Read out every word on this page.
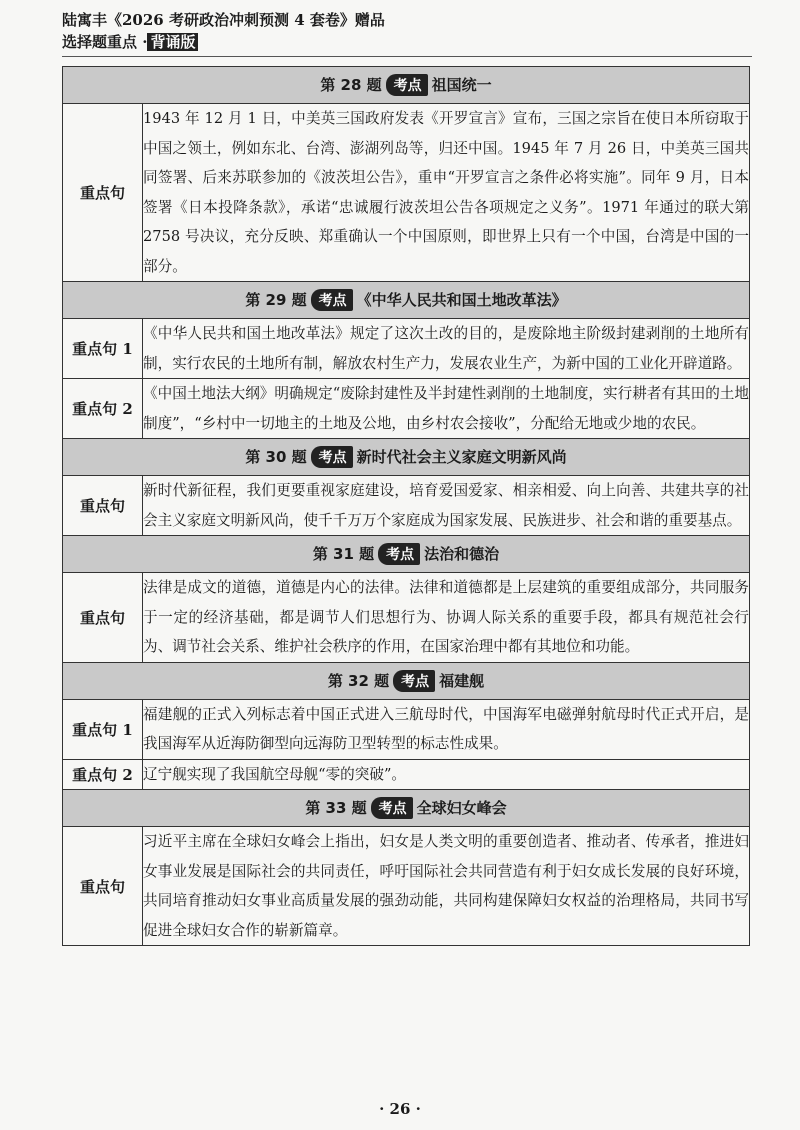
陆寓丰《2026 考研政治冲刺预测 4 套卷》赠品
选择题重点 · 背诵版
第 28 题 考点 祖国统一	
重点句	1943 年 12 月 1 日，中美英三国政府发表《开罗宣言》宣布，三国之宗旨在使日本所窃取于中国之领土，例如东北、台湾、澎湖列岛等，归还中国。1945 年 7 月 26 日，中美英三国共同签署、后来苏联参加的《波茨坦公告》，重申“开罗宣言之条件必将实施”。同年 9 月，日本签署《日本投降条款》，承诺“忠诚履行波茨坦公告各项规定之义务”。1971 年通过的联大第 2758 号决议，充分反映、郑重确认一个中国原则，即世界上只有一个中国，台湾是中国的一部分。
第 29 题 考点 《中华人民共和国土地改革法》	
重点句 1	《中华人民共和国土地改革法》规定了这次土改的目的，是废除地主阶级封建剥削的土地所有制，实行农民的土地所有制，解放农村生产力，发展农业生产，为新中国的工业化开辟道路。
重点句 2	《中国土地法大纲》明确规定“废除封建性及半封建性剥削的土地制度，实行耕者有其田的土地制度”，“乡村中一切地主的土地及公地，由乡村农会接收”，分配给无地或少地的农民。
第 30 题 考点 新时代社会主义家庭文明新风尚	
重点句	新时代新征程，我们更要重视家庭建设，培育爱国爱家、相亲相爱、向上向善、共建共享的社会主义家庭文明新风尚，使千千万万个家庭成为国家发展、民族进步、社会和谐的重要基点。
第 31 题 考点 法治和德治	
重点句	法律是成文的道德，道德是内心的法律。法律和道德都是上层建筑的重要组成部分，共同服务于一定的经济基础，都是调节人们思想行为、协调人际关系的重要手段，都具有规范社会行为、调节社会关系、维护社会秩序的作用，在国家治理中都有其地位和功能。
第 32 题 考点 福建舰	
重点句 1	福建舰的正式入列标志着中国正式进入三航母时代，中国海军电磁弹射航母时代正式开启，是我国海军从近海防御型向远海防卫型转型的标志性成果。
重点句 2	辽宁舰实现了我国航空母舰“零的突破”。
第 33 题 考点 全球妇女峰会	
重点句	习近平主席在全球妇女峰会上指出，妇女是人类文明的重要创造者、推动者、传承者，推进妇女事业发展是国际社会的共同责任，呼吁国际社会共同营造有利于妇女成长发展的良好环境，共同培育推动妇女事业高质量发展的强劲动能，共同构建保障妇女权益的治理格局，共同书写促进全球妇女合作的崭新篇章。
· 26 ·
